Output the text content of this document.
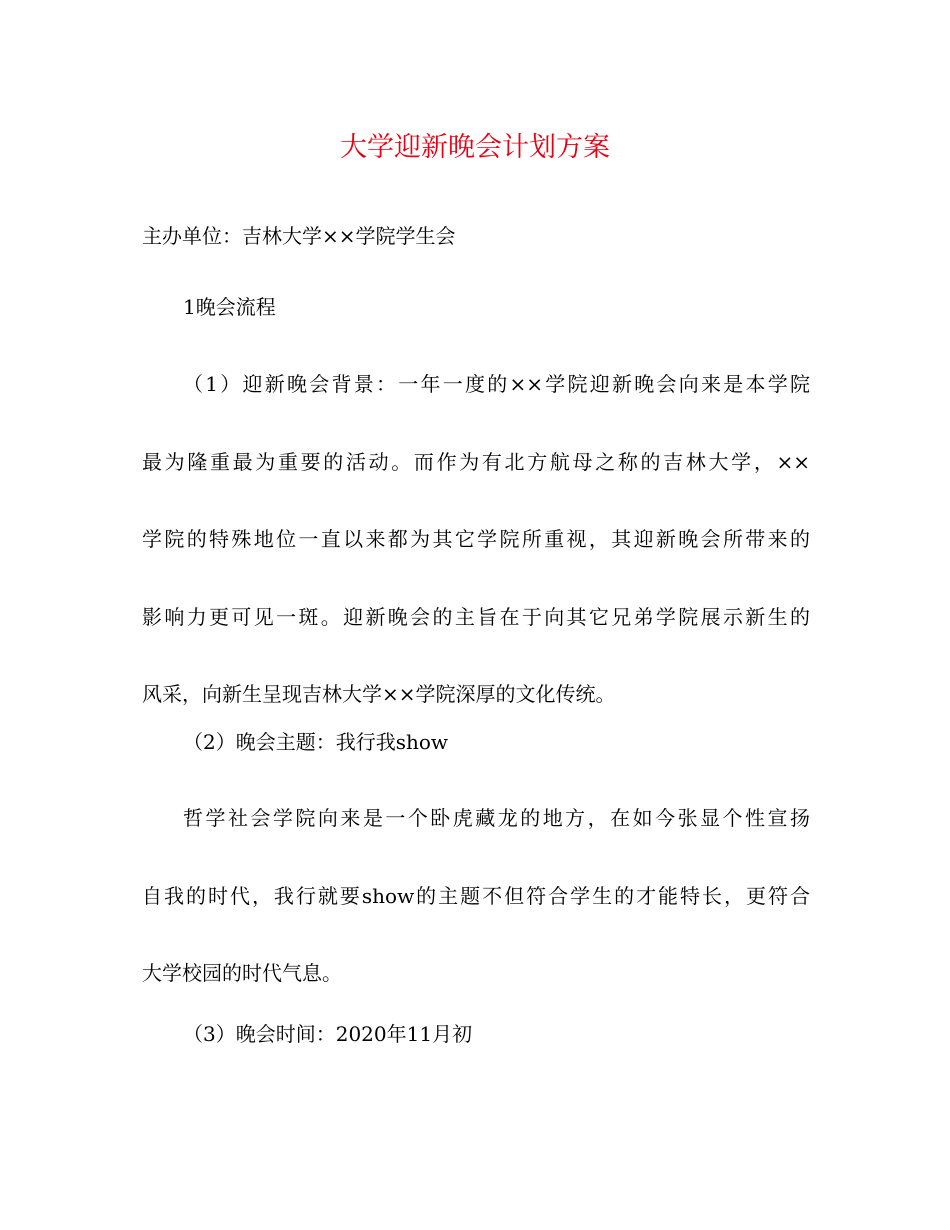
大学迎新晚会计划方案
主办单位：吉林大学××学院学生会
1晚会流程
（1）迎新晚会背景：一年一度的××学院迎新晚会向来是本学院
最为隆重最为重要的活动。而作为有北方航母之称的吉林大学，××
学院的特殊地位一直以来都为其它学院所重视，其迎新晚会所带来的
影响力更可见一斑。迎新晚会的主旨在于向其它兄弟学院展示新生的
风采，向新生呈现吉林大学××学院深厚的文化传统。
（2）晚会主题：我行我show
哲学社会学院向来是一个卧虎藏龙的地方，在如今张显个性宣扬
自我的时代，我行就要show的主题不但符合学生的才能特长，更符合
大学校园的时代气息。
（3）晚会时间：2020年11月初
